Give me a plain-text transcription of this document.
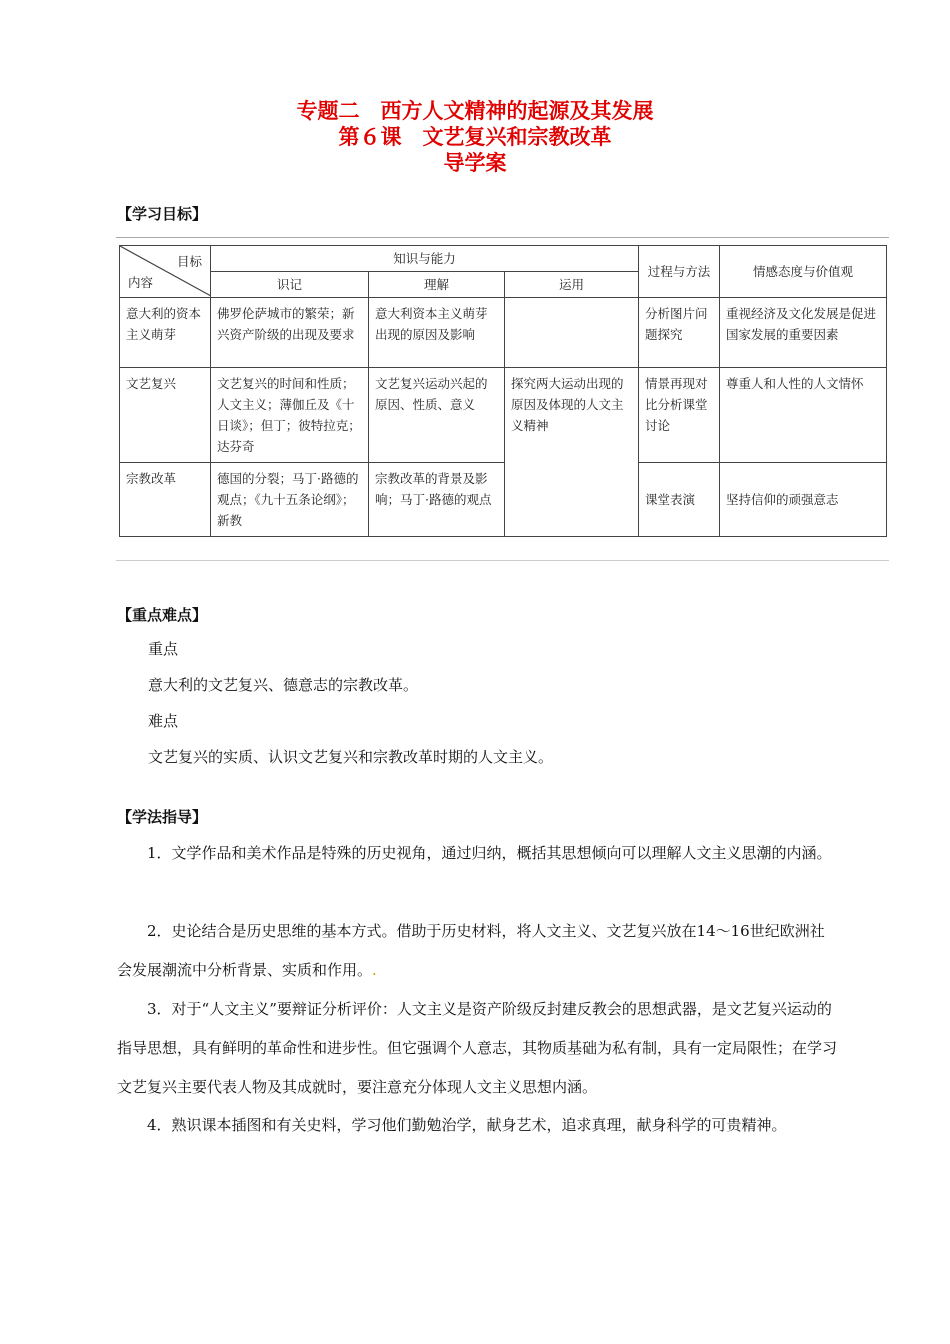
专题二　西方人文精神的起源及其发展
第６课　文艺复兴和宗教改革
导学案
【学习目标】
目标
内容	知识与能力			过程与方法	情感态度与价值观
	识记	理解	运用		
意大利的资本主义萌芽	佛罗伦萨城市的繁荣；新兴资产阶级的出现及要求	意大利资本主义萌芽出现的原因及影响		分析图片问题探究	重视经济及文化发展是促进国家发展的重要因素
文艺复兴	文艺复兴的时间和性质；人文主义；薄伽丘及《十日谈》；但丁；彼特拉克；达芬奇	文艺复兴运动兴起的原因、性质、意义	探究两大运动出现的原因及体现的人文主义精神	情景再现对比分析课堂讨论	尊重人和人性的人文情怀
宗教改革	德国的分裂；马丁·路德的观点；《九十五条论纲》；新教	宗教改革的背景及影响；马丁·路德的观点		课堂表演	坚持信仰的顽强意志
【重点难点】
重点
意大利的文艺复兴、德意志的宗教改革。
难点
文艺复兴的实质、认识文艺复兴和宗教改革时期的人文主义。
【学法指导】
1．文学作品和美术作品是特殊的历史视角，通过归纳，概括其思想倾向可以理解人文主义思潮的内涵。
2．史论结合是历史思维的基本方式。借助于历史材料，将人文主义、文艺复兴放在14～16世纪欧洲社会发展潮流中分析背景、实质和作用。.
3．对于“人文主义”要辩证分析评价：人文主义是资产阶级反封建反教会的思想武器，是文艺复兴运动的指导思想，具有鲜明的革命性和进步性。但它强调个人意志，其物质基础为私有制，具有一定局限性；在学习文艺复兴主要代表人物及其成就时，要注意充分体现人文主义思想内涵。
4．熟识课本插图和有关史料，学习他们勤勉治学，献身艺术，追求真理，献身科学的可贵精神。
